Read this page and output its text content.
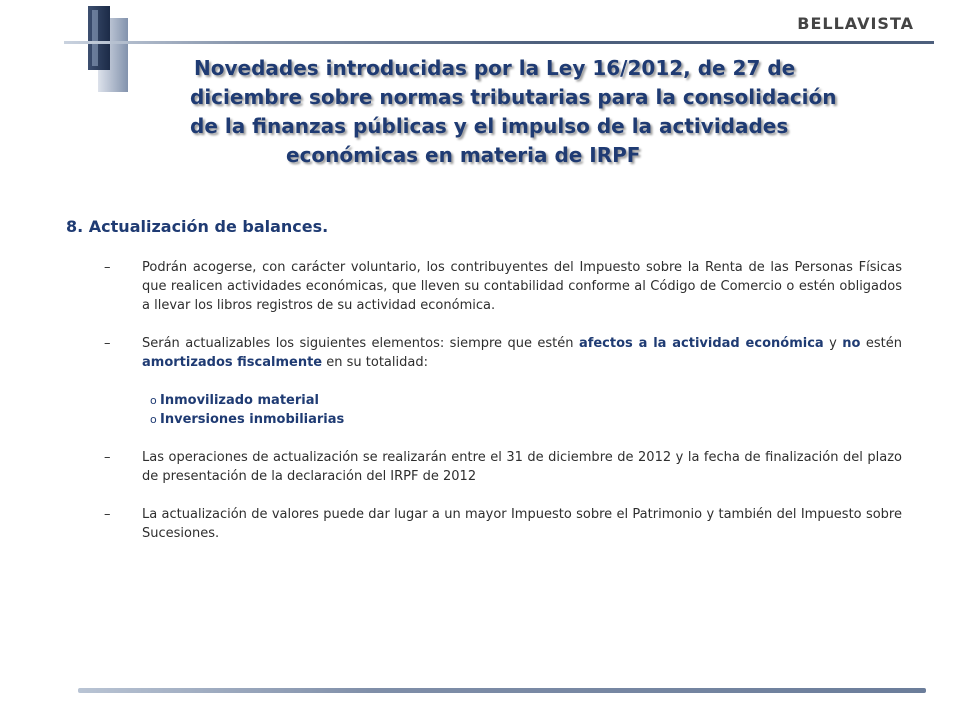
BELLAVISTA
Novedades introducidas por la Ley 16/2012, de 27 de
diciembre sobre normas tributarias para la consolidación
de la finanzas públicas y el impulso de la actividades
económicas en materia de IRPF
8. Actualización de balances.
– Podrán acogerse, con carácter voluntario, los contribuyentes del Impuesto sobre la Renta de las Personas Físicas que realicen actividades económicas, que lleven su contabilidad conforme al Código de Comercio o estén obligados a llevar los libros registros de su actividad económica.
– Serán actualizables los siguientes elementos: siempre que estén afectos a la actividad económica y no estén amortizados fiscalmente en su totalidad:
o Inmovilizado material
o Inversiones inmobiliarias
– Las operaciones de actualización se realizarán entre el 31 de diciembre de 2012 y la fecha de finalización del plazo de presentación de la declaración del IRPF de 2012
– La actualización de valores puede dar lugar a un mayor Impuesto sobre el Patrimonio y también del Impuesto sobre Sucesiones.
